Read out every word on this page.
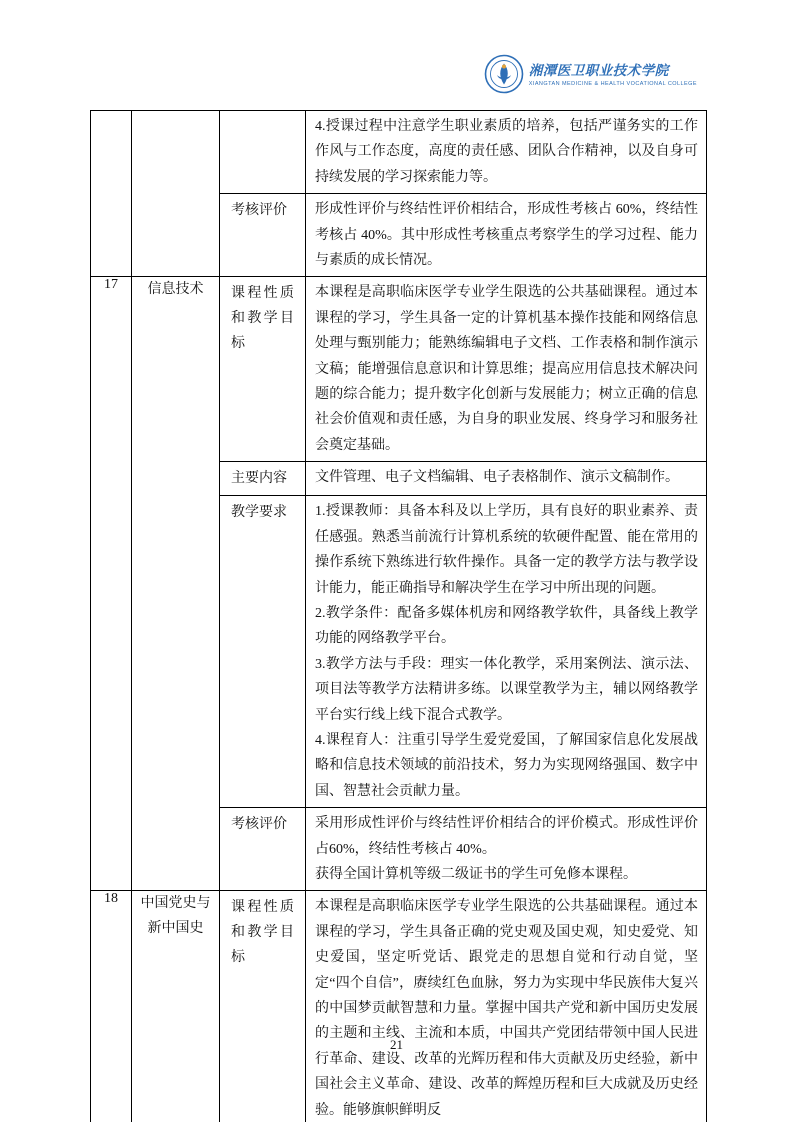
湘潭医卫职业技术学院
XIANGTAN MEDICINE & HEALTH VOCATIONAL COLLEGE

			4.授课过程中注意学生职业素质的培养，包括严谨务实的工作作风与工作态度，高度的责任感、团队合作精神，以及自身可持续发展的学习探索能力等。

		考核评价	形成性评价与终结性评价相结合，形成性考核占 60%，终结性考核占 40%。其中形成性考核重点考察学生的学习过程、能力与素质的成长情况。

17	信息技术	课程性质和教学目标	本课程是高职临床医学专业学生限选的公共基础课程。通过本课程的学习，学生具备一定的计算机基本操作技能和网络信息处理与甄别能力；能熟练编辑电子文档、工作表格和制作演示文稿；能增强信息意识和计算思维；提高应用信息技术解决问题的综合能力；提升数字化创新与发展能力；树立正确的信息社会价值观和责任感，为自身的职业发展、终身学习和服务社会奠定基础。

		主要内容	文件管理、电子文档编辑、电子表格制作、演示文稿制作。

		教学要求	1.授课教师：具备本科及以上学历，具有良好的职业素养、责任感强。熟悉当前流行计算机系统的软硬件配置、能在常用的操作系统下熟练进行软件操作。具备一定的教学方法与教学设计能力，能正确指导和解决学生在学习中所出现的问题。
2.教学条件：配备多媒体机房和网络教学软件，具备线上教学功能的网络教学平台。
3.教学方法与手段：理实一体化教学，采用案例法、演示法、项目法等教学方法精讲多练。以课堂教学为主，辅以网络教学平台实行线上线下混合式教学。
4.课程育人：注重引导学生爱党爱国，了解国家信息化发展战略和信息技术领域的前沿技术，努力为实现网络强国、数字中国、智慧社会贡献力量。

		考核评价	采用形成性评价与终结性评价相结合的评价模式。形成性评价占60%，终结性考核占 40%。
获得全国计算机等级二级证书的学生可免修本课程。

18	中国党史与新中国史	课程性质和教学目标	本课程是高职临床医学专业学生限选的公共基础课程。通过本课程的学习，学生具备正确的党史观及国史观，知史爱党、知史爱国，坚定听党话、跟党走的思想自觉和行动自觉，坚定“四个自信”，赓续红色血脉，努力为实现中华民族伟大复兴的中国梦贡献智慧和力量。掌握中国共产党和新中国历史发展的主题和主线、主流和本质，中国共产党团结带领中国人民进行革命、建设、改革的光辉历程和伟大贡献及历史经验，新中国社会主义革命、建设、改革的辉煌历程和巨大成就及历史经验。能够旗帜鲜明反
21
